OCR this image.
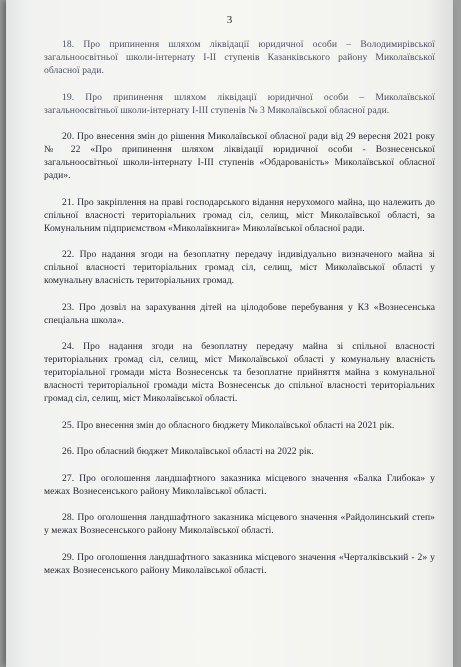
3

18. Про припинення шляхом ліквідації юридичної особи – Володимирівської загальноосвітньої школи-інтернату І-ІІ ступенів Казанківського району Миколаївської обласної ради.

19. Про припинення шляхом ліквідації юридичної особи – Миколаївської загальноосвітньої школи-інтернату І-ІІІ ступенів № 3 Миколаївської обласної ради.

20. Про внесення змін до рішення Миколаївської обласної ради від 29 вересня 2021 року № 22 «Про припинення шляхом ліквідації юридичної особи - Вознесенської загальноосвітньої школи-інтернату І-ІІІ ступенів «Обдарованість» Миколаївської обласної ради».

21. Про закріплення на праві господарського відання нерухомого майна, що належить до спільної власності територіальних громад сіл, селищ, міст Миколаївської області, за Комунальним підприємством «Миколаївкнига» Миколаївської обласної ради.

22. Про надання згоди на безоплатну передачу індивідуально визначеного майна зі спільної власності територіальних громад сіл, селищ, міст Миколаївської області у комунальну власність територіальних громад.

23. Про дозвіл на зарахування дітей на цілодобове перебування у КЗ «Вознесенська спеціальна школа».

24. Про надання згоди на безоплатну передачу майна зі спільної власності територіальних громад сіл, селищ, міст Миколаївської області у комунальну власність територіальної громади міста Вознесенськ та безоплатне прийняття майна з комунальної власності територіальної громади міста Вознесенськ до спільної власності територіальних громад сіл, селищ, міст Миколаївської області.

25. Про внесення змін до обласного бюджету Миколаївської області на 2021 рік.

26. Про обласний бюджет Миколаївської області на 2022 рік.

27. Про оголошення ландшафтного заказника місцевого значення «Балка Глибока» у межах Вознесенського району Миколаївської області.

28. Про оголошення ландшафтного заказника місцевого значення «Райдолинський степ» у межах Вознесенського району Миколаївської області.

29. Про оголошення ландшафтного заказника місцевого значення «Черталківський - 2» у межах Вознесенського району Миколаївської області.
